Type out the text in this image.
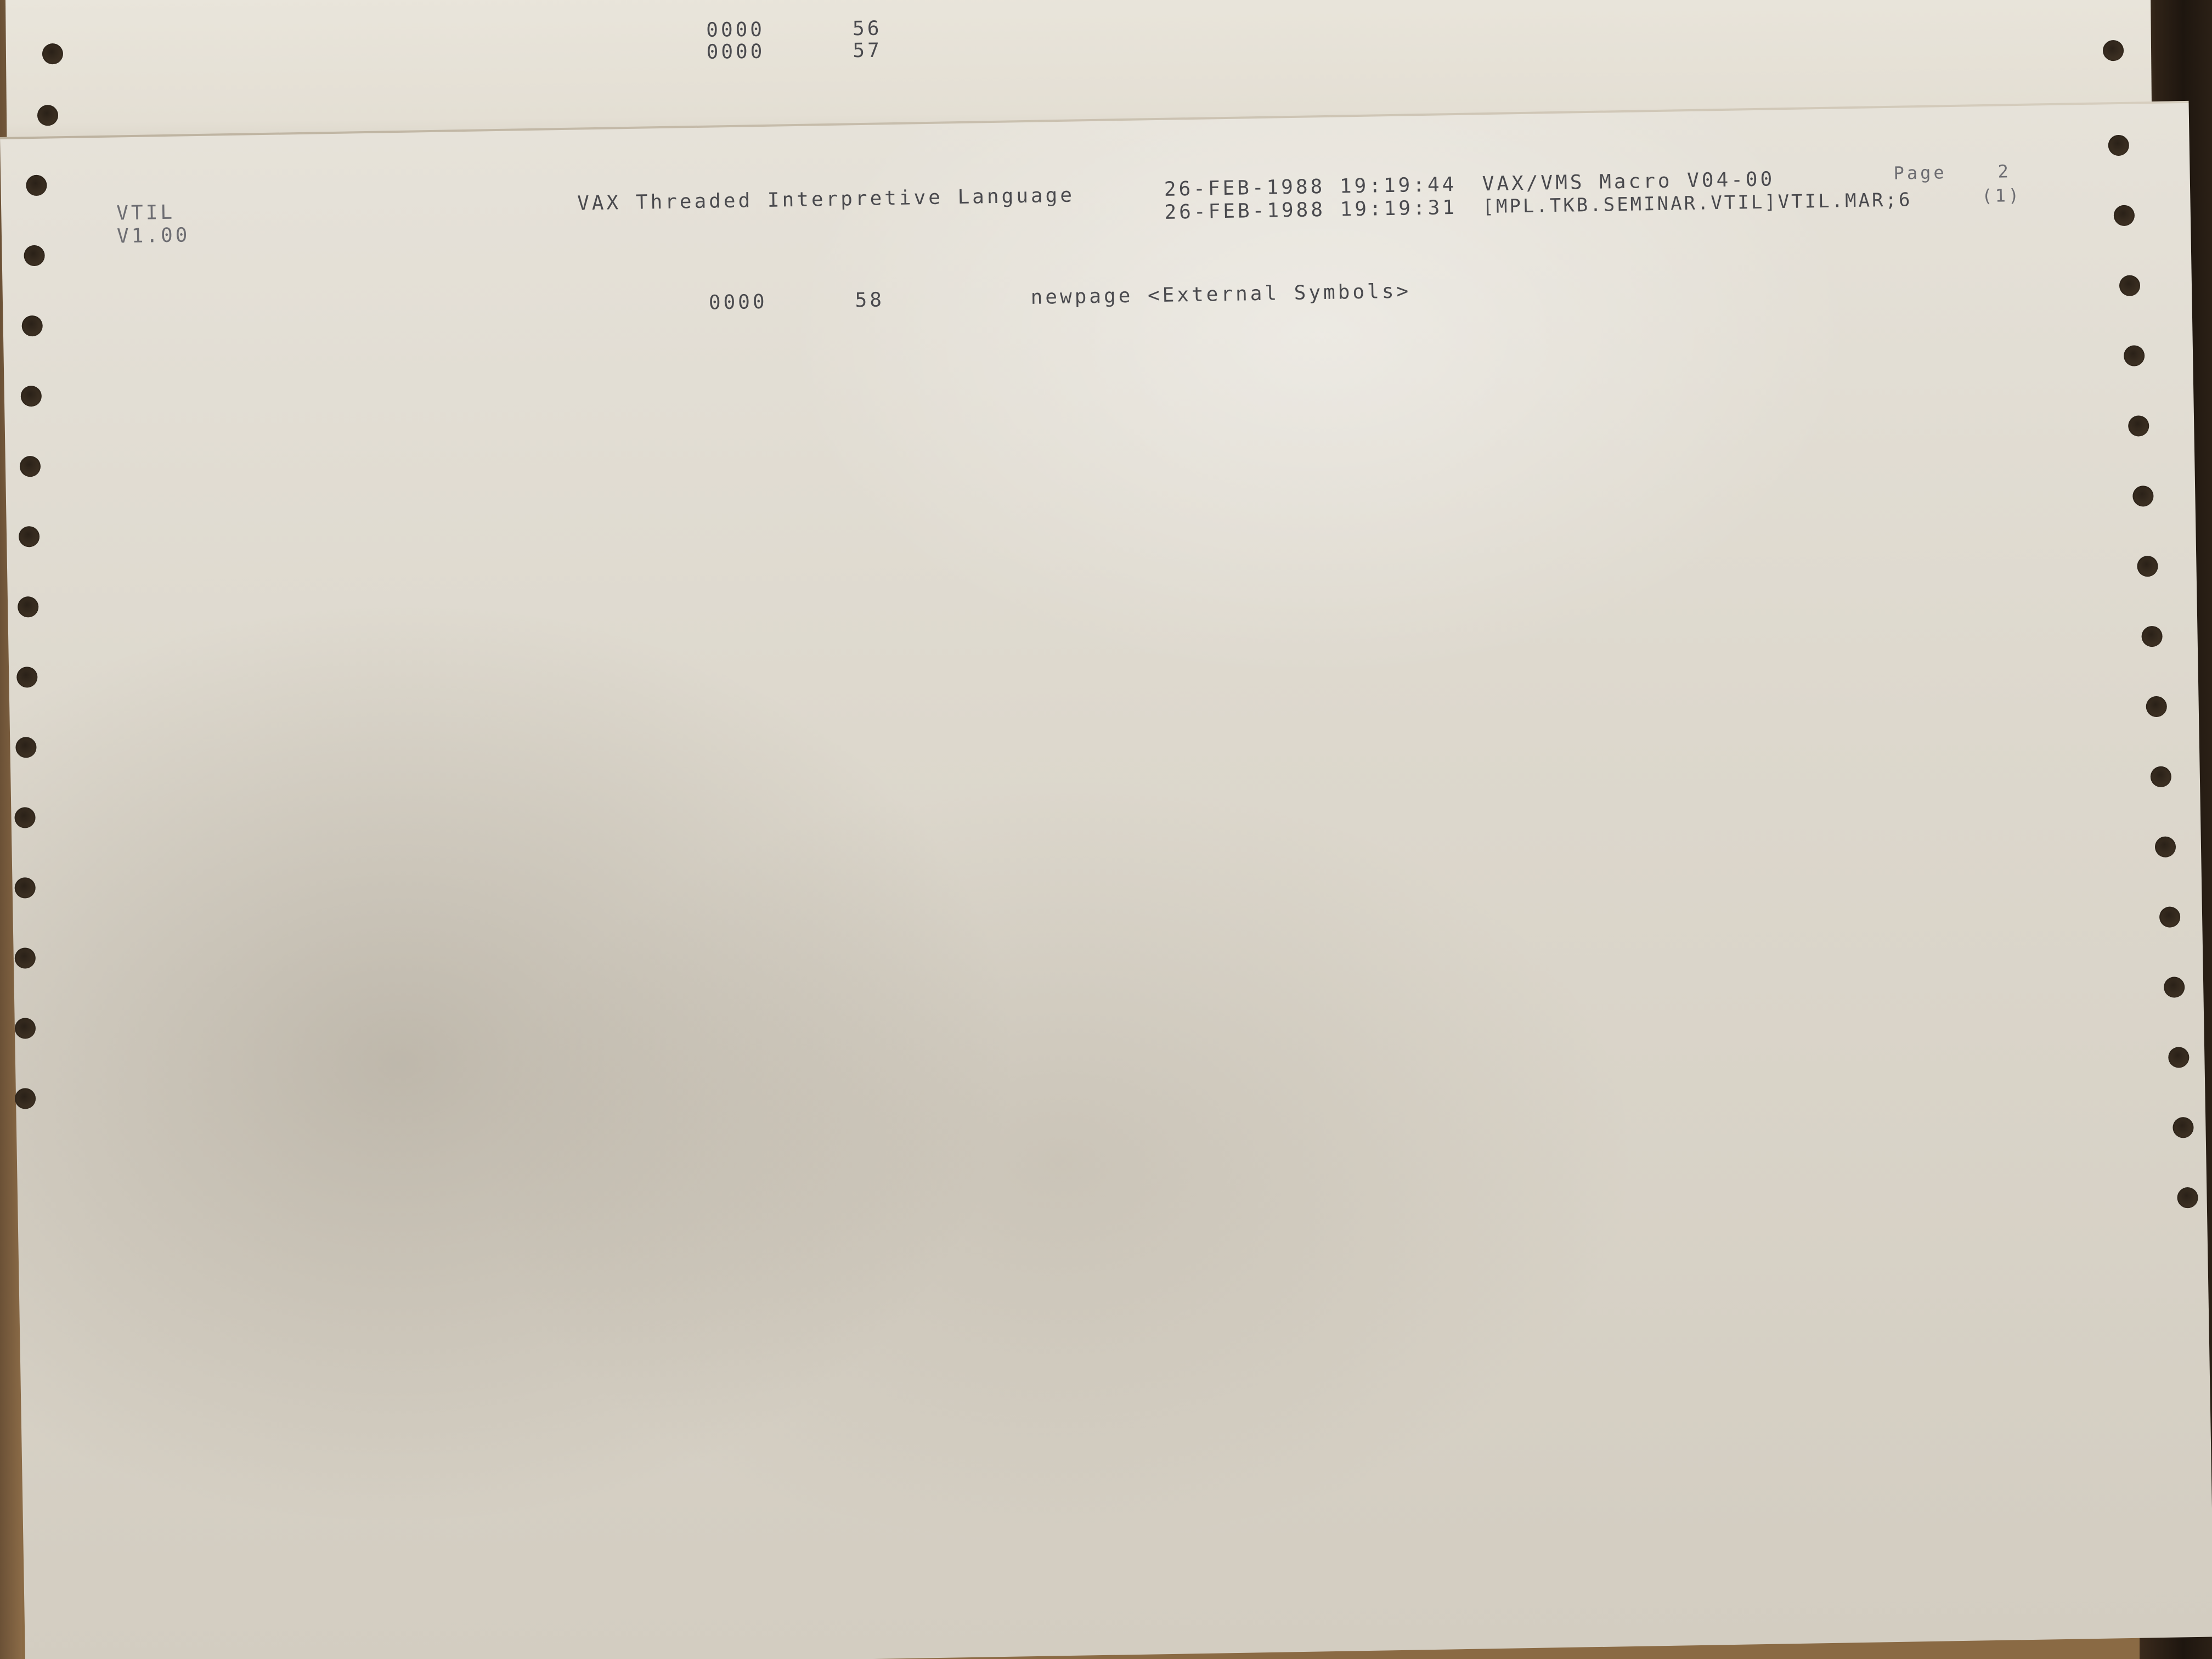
0000	56

0000	57

VTIL
V1.00
VAX Threaded Interpretive Language	26-FEB-1988 19:19:44
26-FEB-1988 19:19:31
VAX/VMS Macro V04-00
[MPL.TKB.SEMINAR.VTIL]VTIL.MAR;6
Page	2
(1)

0000	58	newpage <External Symbols>
